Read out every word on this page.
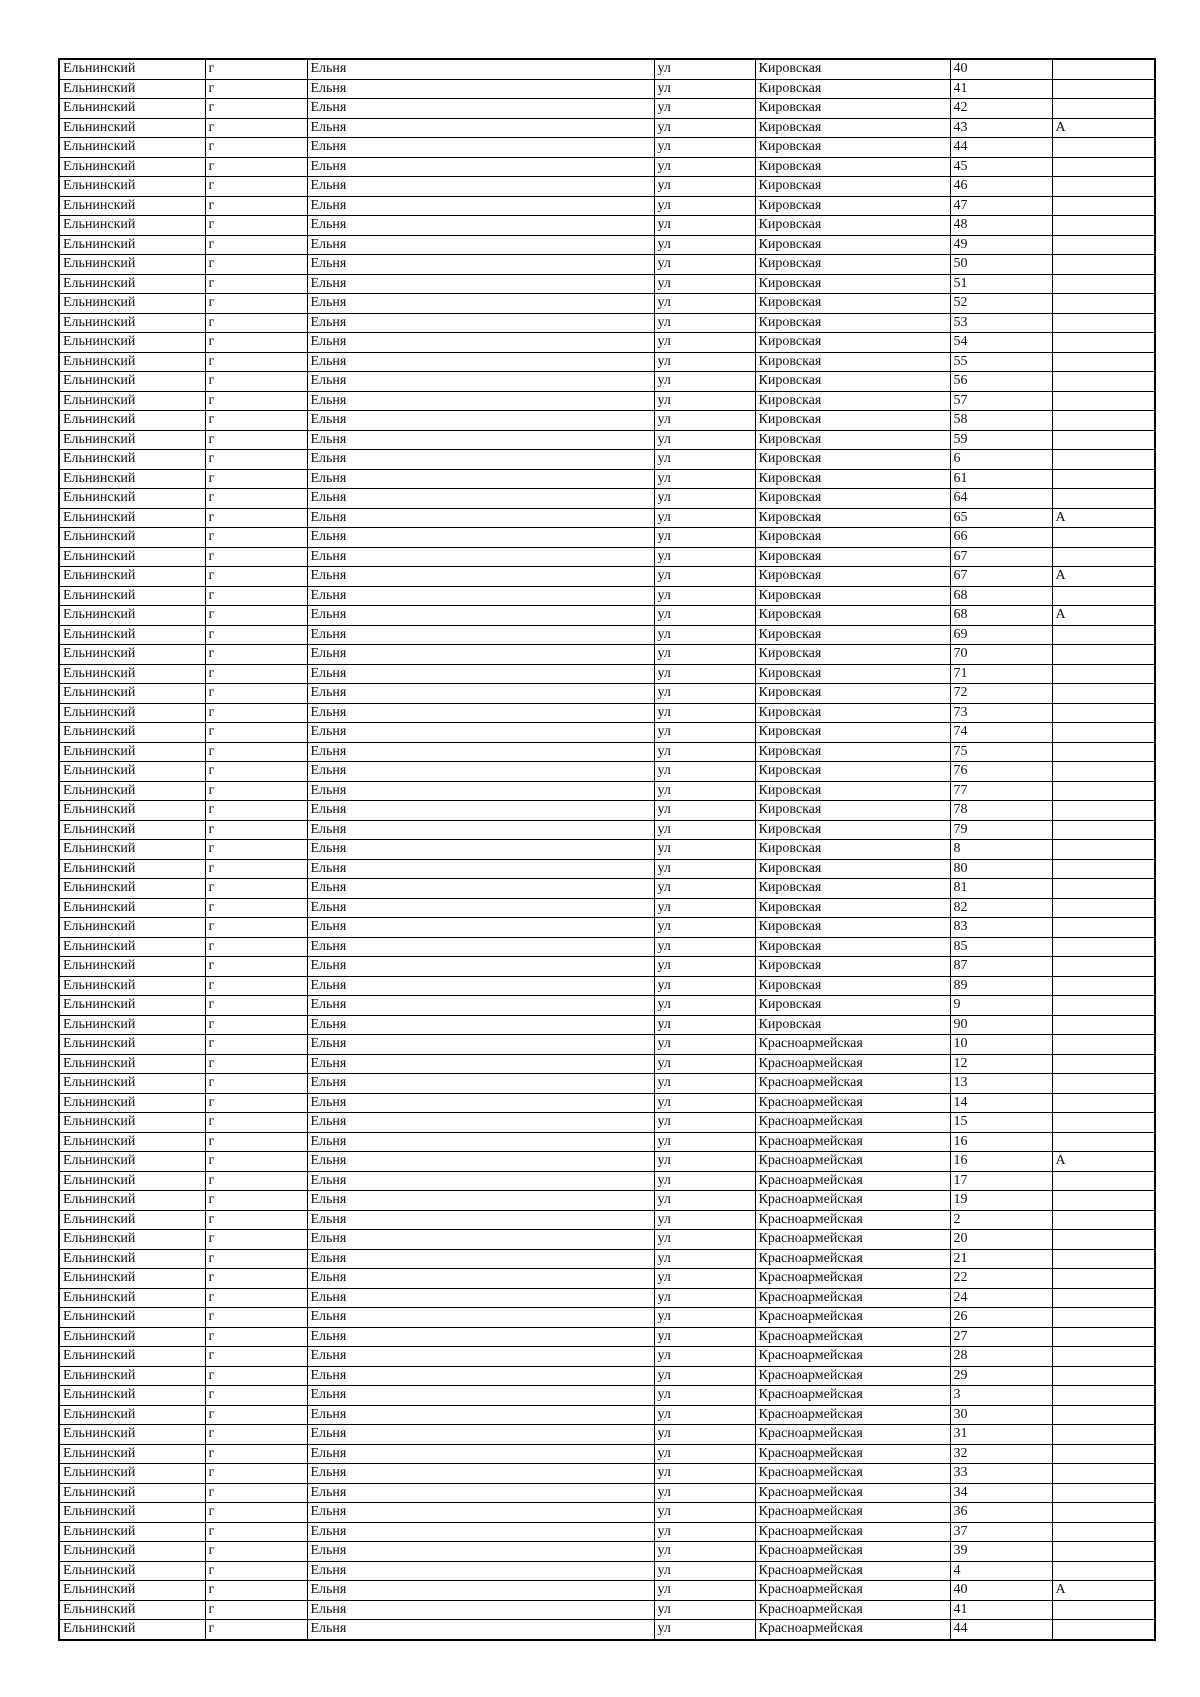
Ельнинский	г	Ельня	ул	Кировская	40	
Ельнинский	г	Ельня	ул	Кировская	41	
Ельнинский	г	Ельня	ул	Кировская	42	
Ельнинский	г	Ельня	ул	Кировская	43	А
Ельнинский	г	Ельня	ул	Кировская	44	
Ельнинский	г	Ельня	ул	Кировская	45	
Ельнинский	г	Ельня	ул	Кировская	46	
Ельнинский	г	Ельня	ул	Кировская	47	
Ельнинский	г	Ельня	ул	Кировская	48	
Ельнинский	г	Ельня	ул	Кировская	49	
Ельнинский	г	Ельня	ул	Кировская	50	
Ельнинский	г	Ельня	ул	Кировская	51	
Ельнинский	г	Ельня	ул	Кировская	52	
Ельнинский	г	Ельня	ул	Кировская	53	
Ельнинский	г	Ельня	ул	Кировская	54	
Ельнинский	г	Ельня	ул	Кировская	55	
Ельнинский	г	Ельня	ул	Кировская	56	
Ельнинский	г	Ельня	ул	Кировская	57	
Ельнинский	г	Ельня	ул	Кировская	58	
Ельнинский	г	Ельня	ул	Кировская	59	
Ельнинский	г	Ельня	ул	Кировская	6	
Ельнинский	г	Ельня	ул	Кировская	61	
Ельнинский	г	Ельня	ул	Кировская	64	
Ельнинский	г	Ельня	ул	Кировская	65	А
Ельнинский	г	Ельня	ул	Кировская	66	
Ельнинский	г	Ельня	ул	Кировская	67	
Ельнинский	г	Ельня	ул	Кировская	67	А
Ельнинский	г	Ельня	ул	Кировская	68	
Ельнинский	г	Ельня	ул	Кировская	68	А
Ельнинский	г	Ельня	ул	Кировская	69	
Ельнинский	г	Ельня	ул	Кировская	70	
Ельнинский	г	Ельня	ул	Кировская	71	
Ельнинский	г	Ельня	ул	Кировская	72	
Ельнинский	г	Ельня	ул	Кировская	73	
Ельнинский	г	Ельня	ул	Кировская	74	
Ельнинский	г	Ельня	ул	Кировская	75	
Ельнинский	г	Ельня	ул	Кировская	76	
Ельнинский	г	Ельня	ул	Кировская	77	
Ельнинский	г	Ельня	ул	Кировская	78	
Ельнинский	г	Ельня	ул	Кировская	79	
Ельнинский	г	Ельня	ул	Кировская	8	
Ельнинский	г	Ельня	ул	Кировская	80	
Ельнинский	г	Ельня	ул	Кировская	81	
Ельнинский	г	Ельня	ул	Кировская	82	
Ельнинский	г	Ельня	ул	Кировская	83	
Ельнинский	г	Ельня	ул	Кировская	85	
Ельнинский	г	Ельня	ул	Кировская	87	
Ельнинский	г	Ельня	ул	Кировская	89	
Ельнинский	г	Ельня	ул	Кировская	9	
Ельнинский	г	Ельня	ул	Кировская	90	
Ельнинский	г	Ельня	ул	Красноармейская	10	
Ельнинский	г	Ельня	ул	Красноармейская	12	
Ельнинский	г	Ельня	ул	Красноармейская	13	
Ельнинский	г	Ельня	ул	Красноармейская	14	
Ельнинский	г	Ельня	ул	Красноармейская	15	
Ельнинский	г	Ельня	ул	Красноармейская	16	
Ельнинский	г	Ельня	ул	Красноармейская	16	А
Ельнинский	г	Ельня	ул	Красноармейская	17	
Ельнинский	г	Ельня	ул	Красноармейская	19	
Ельнинский	г	Ельня	ул	Красноармейская	2	
Ельнинский	г	Ельня	ул	Красноармейская	20	
Ельнинский	г	Ельня	ул	Красноармейская	21	
Ельнинский	г	Ельня	ул	Красноармейская	22	
Ельнинский	г	Ельня	ул	Красноармейская	24	
Ельнинский	г	Ельня	ул	Красноармейская	26	
Ельнинский	г	Ельня	ул	Красноармейская	27	
Ельнинский	г	Ельня	ул	Красноармейская	28	
Ельнинский	г	Ельня	ул	Красноармейская	29	
Ельнинский	г	Ельня	ул	Красноармейская	3	
Ельнинский	г	Ельня	ул	Красноармейская	30	
Ельнинский	г	Ельня	ул	Красноармейская	31	
Ельнинский	г	Ельня	ул	Красноармейская	32	
Ельнинский	г	Ельня	ул	Красноармейская	33	
Ельнинский	г	Ельня	ул	Красноармейская	34	
Ельнинский	г	Ельня	ул	Красноармейская	36	
Ельнинский	г	Ельня	ул	Красноармейская	37	
Ельнинский	г	Ельня	ул	Красноармейская	39	
Ельнинский	г	Ельня	ул	Красноармейская	4	
Ельнинский	г	Ельня	ул	Красноармейская	40	А
Ельнинский	г	Ельня	ул	Красноармейская	41	
Ельнинский	г	Ельня	ул	Красноармейская	44	
